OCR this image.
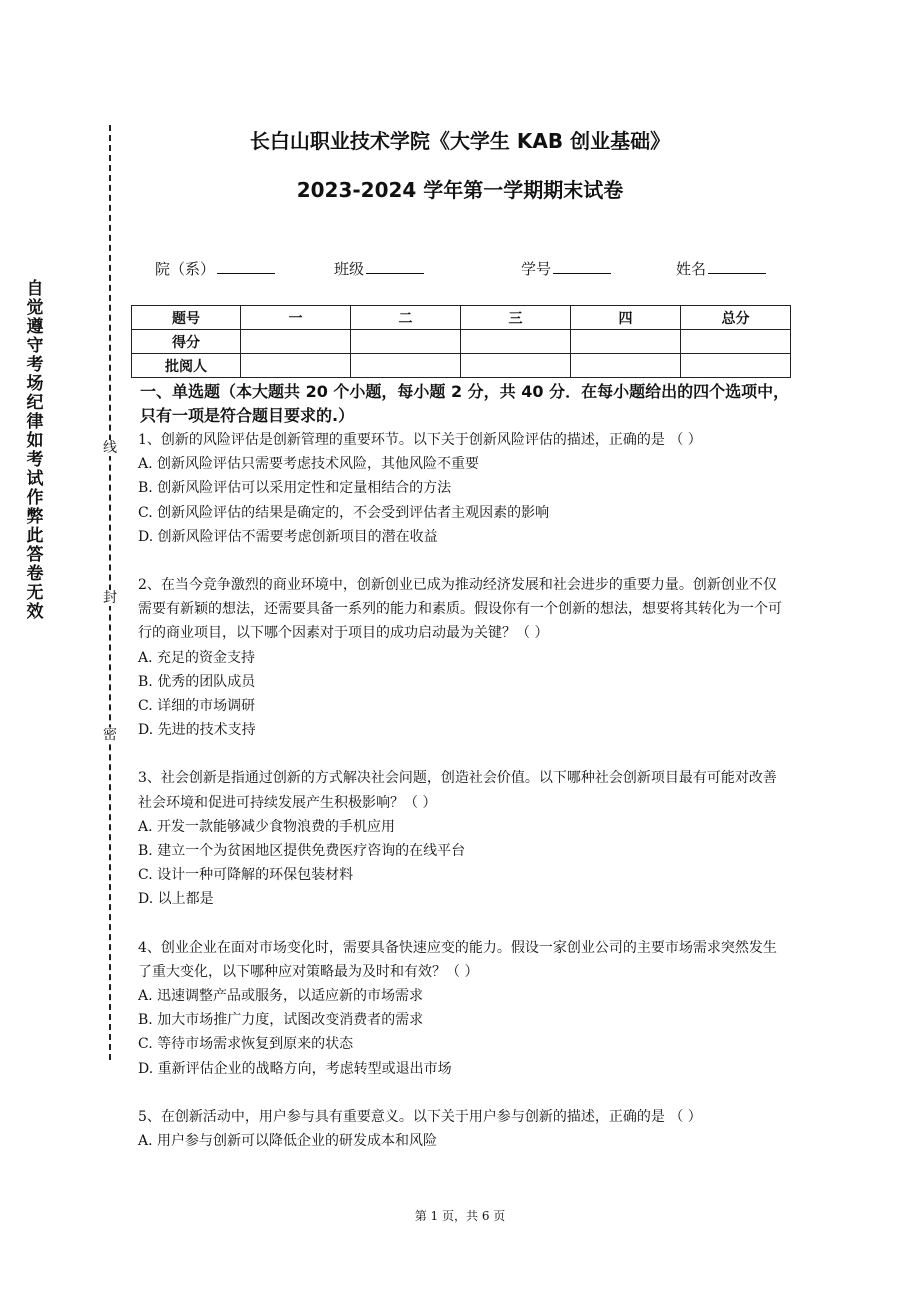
自觉遵守考场纪律如考试作弊此答卷无效
线
封
密
长白山职业技术学院《大学生 KAB 创业基础》
2023-2024 学年第一学期期末试卷
院（系）	班级	学号	姓名
题号	一	二	三	四	总分
得分					
批阅人					
一、单选题（本大题共 20 个小题，每小题 2 分，共 40 分．在每小题给出的四个选项中，只有一项是符合题目要求的.）

1、创新的风险评估是创新管理的重要环节。以下关于创新风险评估的描述，正确的是 （ ）

A. 创新风险评估只需要考虑技术风险，其他风险不重要

B. 创新风险评估可以采用定性和定量相结合的方法

C. 创新风险评估的结果是确定的，不会受到评估者主观因素的影响

D. 创新风险评估不需要考虑创新项目的潜在收益

2、在当今竞争激烈的商业环境中，创新创业已成为推动经济发展和社会进步的重要力量。创新创业不仅需要有新颖的想法，还需要具备一系列的能力和素质。假设你有一个创新的想法，想要将其转化为一个可行的商业项目，以下哪个因素对于项目的成功启动最为关键？（ ）

A. 充足的资金支持

B. 优秀的团队成员

C. 详细的市场调研

D. 先进的技术支持

3、社会创新是指通过创新的方式解决社会问题，创造社会价值。以下哪种社会创新项目最有可能对改善社会环境和促进可持续发展产生积极影响？（ ）

A. 开发一款能够减少食物浪费的手机应用

B. 建立一个为贫困地区提供免费医疗咨询的在线平台

C. 设计一种可降解的环保包装材料

D. 以上都是

4、创业企业在面对市场变化时，需要具备快速应变的能力。假设一家创业公司的主要市场需求突然发生了重大变化，以下哪种应对策略最为及时和有效？（ ）

A. 迅速调整产品或服务，以适应新的市场需求

B. 加大市场推广力度，试图改变消费者的需求

C. 等待市场需求恢复到原来的状态

D. 重新评估企业的战略方向，考虑转型或退出市场

5、在创新活动中，用户参与具有重要意义。以下关于用户参与创新的描述，正确的是 （ ）

A. 用户参与创新可以降低企业的研发成本和风险

第 1 页，共 6 页
